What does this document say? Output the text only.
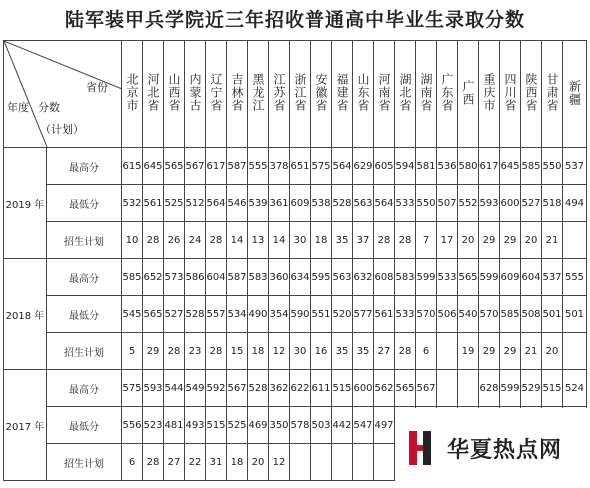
陆军装甲兵学院近三年招收普通高中毕业生录取分数
省份
年度 分数
（计划）		北京市	河北省	山西省	内蒙古	辽宁省	吉林省	黑龙江	江苏省	浙江省	安徽省	福建省	山东省	河南省	湖北省	湖南省	广东省	广西	重庆市	四川省	陕西省	甘肃省	新疆
2019 年	最高分	615	645	565	567	617	587	555	378	651	575	564	629	605	594	581	536	580	617	645	585	550	537
	最低分	532	561	525	512	564	546	539	361	609	538	528	563	564	533	550	507	552	593	600	527	518	494
	招生计划	10	28	26	24	28	14	13	14	30	18	35	37	28	28	7	17	20	29	29	20	21	
2018 年	最高分	585	652	573	586	604	587	583	360	634	595	563	632	608	583	599	533	565	599	609	604	537	555
	最低分	545	565	527	528	557	534	490	354	590	551	520	577	561	533	570	506	540	570	585	508	501	501
	招生计划	5	29	28	23	28	15	18	12	30	16	35	35	27	28	6		19	29	29	21	20	
2017 年	最高分	575	593	544	549	592	567	528	362	622	611	515	600	562	565	567			628	599	529	515	524
	最低分	556	523	481	493	515	525	469	350	578	503	442	547	497									
	招生计划	6	28	27	22	31	18	20	12															华夏热点网
